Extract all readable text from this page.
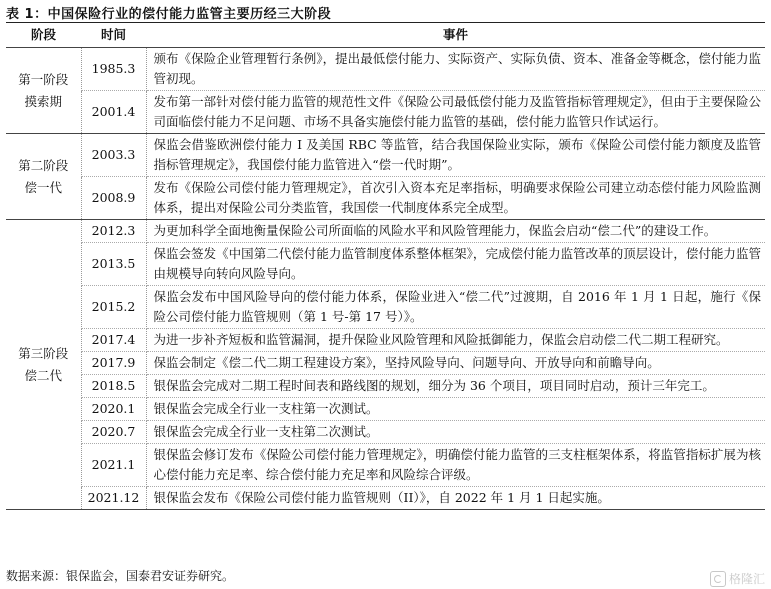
表 1：中国保险行业的偿付能力监管主要历经三大阶段
阶段	时间	事件

第一阶段
摸索期	1985.3	颁布《保险企业管理暂行条例》，提出最低偿付能力、实际资产、实际负债、资本、准备金等概念，偿付能力监管初现。
	2001.4	发布第一部针对偿付能力监管的规范性文件《保险公司最低偿付能力及监管指标管理规定》，但由于主要保险公司面临偿付能力不足问题、市场不具备实施偿付能力监管的基础，偿付能力监管只作试运行。

第二阶段
偿一代	2003.3	保监会借鉴欧洲偿付能力 I 及美国 RBC 等监管，结合我国保险业实际，颁布《保险公司偿付能力额度及监管指标管理规定》，我国偿付能力监管进入“偿一代时期”。
	2008.9	发布《保险公司偿付能力管理规定》，首次引入资本充足率指标，明确要求保险公司建立动态偿付能力风险监测体系，提出对保险公司分类监管，我国偿一代制度体系完全成型。

第三阶段
偿二代	2012.3	为更加科学全面地衡量保险公司所面临的风险水平和风险管理能力，保监会启动“偿二代”的建设工作。
	2013.5	保监会签发《中国第二代偿付能力监管制度体系整体框架》，完成偿付能力监管改革的顶层设计，偿付能力监管由规模导向转向风险导向。
	2015.2	保监会发布中国风险导向的偿付能力体系，保险业进入“偿二代”过渡期，自 2016 年 1 月 1 日起，施行《保险公司偿付能力监管规则（第 1 号-第 17 号）》。
	2017.4	为进一步补齐短板和监管漏洞，提升保险业风险管理和风险抵御能力，保监会启动偿二代二期工程研究。
	2017.9	保监会制定《偿二代二期工程建设方案》，坚持风险导向、问题导向、开放导向和前瞻导向。
	2018.5	银保监会完成对二期工程时间表和路线图的规划，细分为 36 个项目，项目同时启动，预计三年完工。
	2020.1	银保监会完成全行业一支柱第一次测试。
	2020.7	银保监会完成全行业一支柱第二次测试。
	2021.1	银保监会修订发布《保险公司偿付能力管理规定》，明确偿付能力监管的三支柱框架体系，将监管指标扩展为核心偿付能力充足率、综合偿付能力充足率和风险综合评级。
	2021.12	银保监会发布《保险公司偿付能力监管规则（II）》，自 2022 年 1 月 1 日起实施。
数据来源：银保监会，国泰君安证券研究。	格隆汇
